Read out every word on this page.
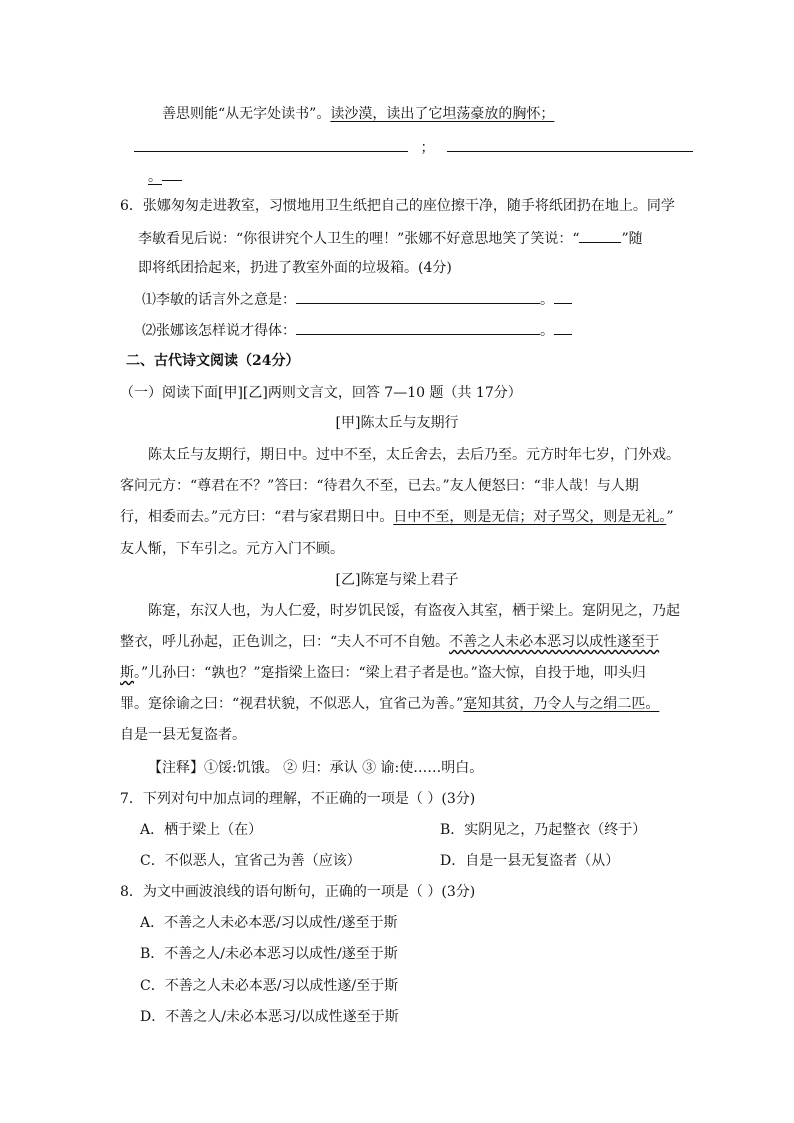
善思则能“从无字处读书”。读沙漠，读出了它坦荡豪放的胸怀；
；
。
6．张娜匆匆走进教室，习惯地用卫生纸把自己的座位擦干净，随手将纸团扔在地上。同学
李敏看见后说：“你很讲究个人卫生的哩！”张娜不好意思地笑了笑说：“	”随
即将纸团拾起来，扔进了教室外面的垃圾箱。(4分)
⑴李敏的话言外之意是：	。
⑵张娜该怎样说才得体：	。
二、古代诗文阅读（24分）
（一）阅读下面[甲][乙]两则文言文，回答 7—10 题（共 17分）
[甲]陈太丘与友期行
陈太丘与友期行，期日中。过中不至，太丘舍去，去后乃至。元方时年七岁，门外戏。
客问元方：“尊君在不？”答曰：“待君久不至，已去。”友人便怒曰：“非人哉！与人期
行，相委而去。”元方曰：“君与家君期日中。日中不至，则是无信；对子骂父，则是无礼。”
友人惭，下车引之。元方入门不顾。
[乙]陈寔与梁上君子
陈寔，东汉人也，为人仁爱，时岁饥民馁，有盗夜入其室，栖于梁上。寔阴见之，乃起
整衣，呼儿孙起，正色训之，曰：“夫人不可不自勉。不善之人未必本恶习以成性遂至于
斯。”儿孙曰：“孰也？”寔指梁上盗曰：“梁上君子者是也。”盗大惊，自投于地，叩头归
罪。寔徐谕之曰：“视君状貌，不似恶人，宜省己为善。”寔知其贫，乃令人与之绢二匹。
自是一县无复盗者。
【注释】①馁:饥饿。 ② 归：承认 ③ 谕:使……明白。
7．下列对句中加点词的理解，不正确的一项是（ ）(3分)
A．栖于梁上（在）	B．实阴见之，乃起整衣（终于）
C．不似恶人，宜省己为善（应该）	D．自是一县无复盗者（从）
8．为文中画波浪线的语句断句，正确的一项是（ ）(3分)
A．不善之人未必本恶/习以成性/遂至于斯
B．不善之人/未必本恶习以成性/遂至于斯
C．不善之人未必本恶/习以成性遂/至于斯
D．不善之人/未必本恶习/以成性遂至于斯
